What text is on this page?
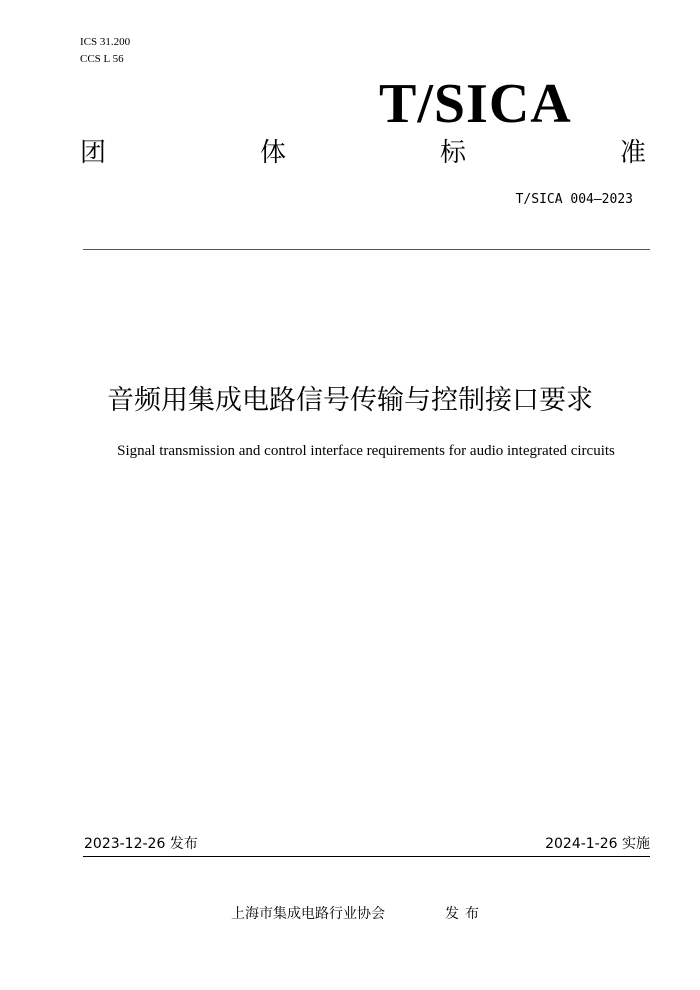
ICS 31.200
CCS L 56
T/SICA
团	体	标	准
T/SICA 004—2023
音频用集成电路信号传输与控制接口要求
Signal transmission and control interface requirements for audio integrated circuits
2023-12-26 发布	2024-1-26 实施
上海市集成电路行业协会	发布
